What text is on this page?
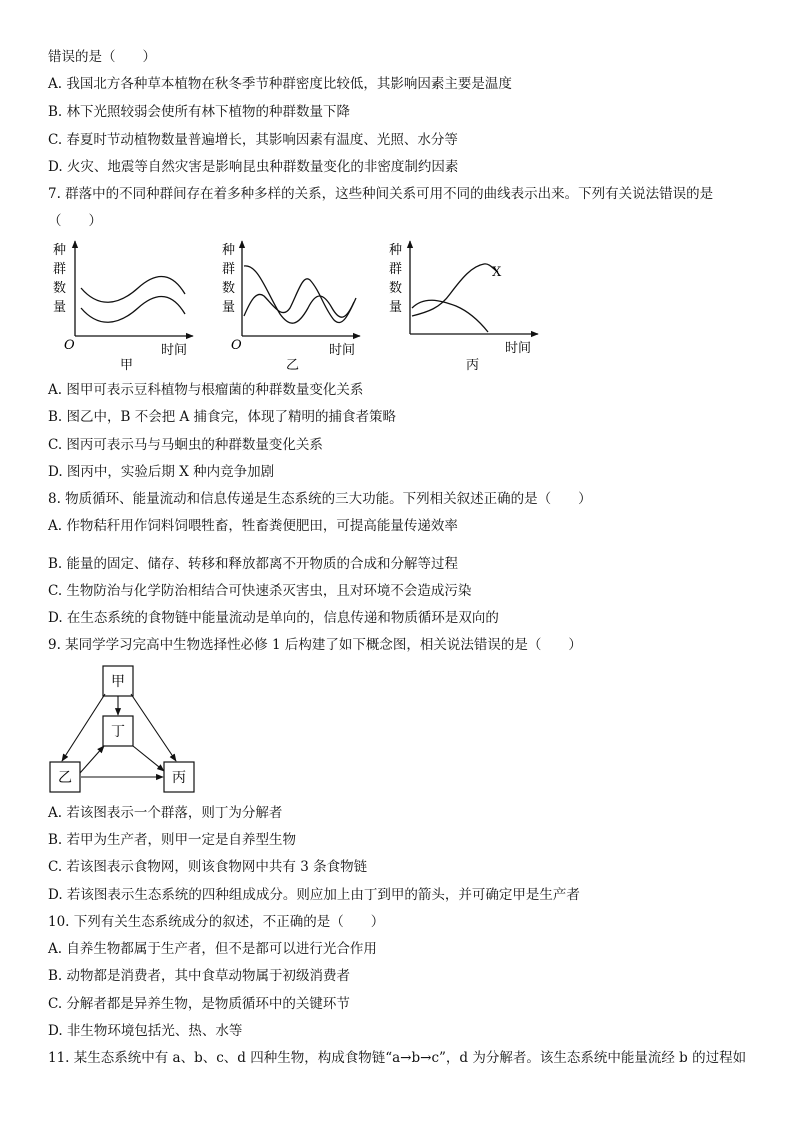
错误的是（　　）
A. 我国北方各种草本植物在秋冬季节种群密度比较低，其影响因素主要是温度
B. 林下光照较弱会使所有林下植物的种群数量下降
C. 春夏时节动植物数量普遍增长，其影响因素有温度、光照、水分等
D. 火灾、地震等自然灾害是影响昆虫种群数量变化的非密度制约因素
7. 群落中的不同种群间存在着多种多样的关系，这些种间关系可用不同的曲线表示出来。下列有关说法错误的是
（　　）
种
群
数
量
O	时间
甲
种
群
数
量
O	时间
乙
种
群
数
量
时间
X
丙
A. 图甲可表示豆科植物与根瘤菌的种群数量变化关系
B. 图乙中，B 不会把 A 捕食完，体现了精明的捕食者策略
C. 图丙可表示马与马蛔虫的种群数量变化关系
D. 图丙中，实验后期 X 种内竞争加剧
8. 物质循环、能量流动和信息传递是生态系统的三大功能。下列相关叙述正确的是（　　）
A. 作物秸秆用作饲料饲喂牲畜，牲畜粪便肥田，可提高能量传递效率
B. 能量的固定、储存、转移和释放都离不开物质的合成和分解等过程
C. 生物防治与化学防治相结合可快速杀灭害虫，且对环境不会造成污染
D. 在生态系统的食物链中能量流动是单向的，信息传递和物质循环是双向的
9. 某同学学习完高中生物选择性必修 1 后构建了如下概念图，相关说法错误的是（　　）
甲
丁
乙	丙
A. 若该图表示一个群落，则丁为分解者
B. 若甲为生产者，则甲一定是自养型生物
C. 若该图表示食物网，则该食物网中共有 3 条食物链
D. 若该图表示生态系统的四种组成成分。则应加上由丁到甲的箭头，并可确定甲是生产者
10. 下列有关生态系统成分的叙述，不正确的是（　　）
A. 自养生物都属于生产者，但不是都可以进行光合作用
B. 动物都是消费者，其中食草动物属于初级消费者
C. 分解者都是异养生物，是物质循环中的关键环节
D. 非生物环境包括光、热、水等
11. 某生态系统中有 a、b、c、d 四种生物，构成食物链“a→b→c”，d 为分解者。该生态系统中能量流经 b 的过程如
